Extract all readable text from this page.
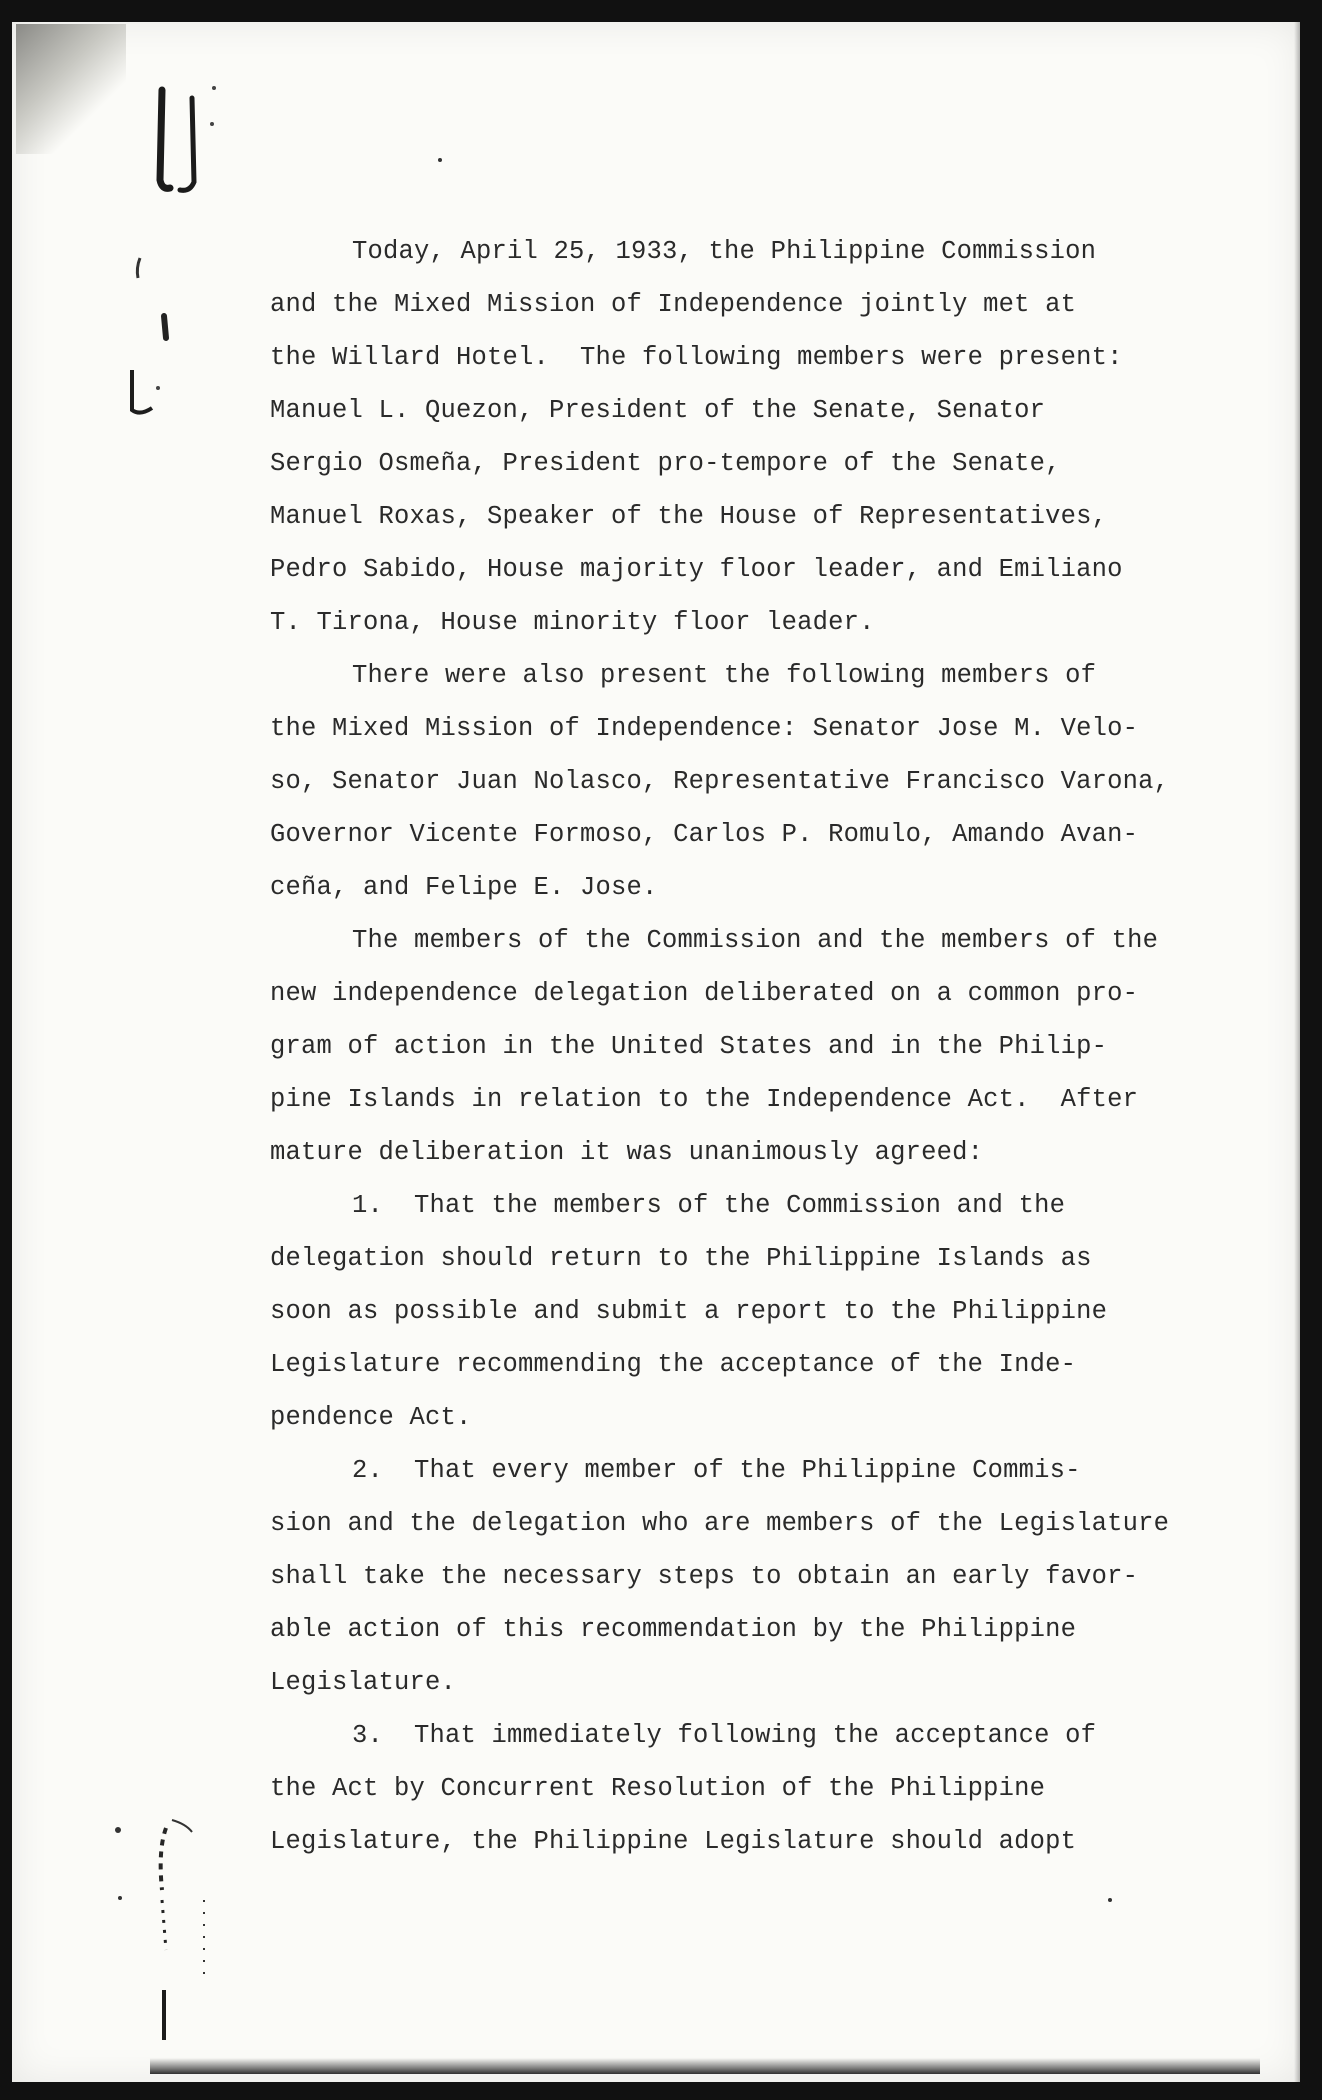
Today, April 25, 1933, the Philippine Commission
and the Mixed Mission of Independence jointly met at
the Willard Hotel.  The following members were present:
Manuel L. Quezon, President of the Senate, Senator
Sergio Osmeña, President pro-tempore of the Senate,
Manuel Roxas, Speaker of the House of Representatives,
Pedro Sabido, House majority floor leader, and Emiliano
T. Tirona, House minority floor leader.

There were also present the following members of
the Mixed Mission of Independence: Senator Jose M. Velo-
so, Senator Juan Nolasco, Representative Francisco Varona,
Governor Vicente Formoso, Carlos P. Romulo, Amando Avan-
ceña, and Felipe E. Jose.

The members of the Commission and the members of the
new independence delegation deliberated on a common pro-
gram of action in the United States and in the Philip-
pine Islands in relation to the Independence Act.  After
mature deliberation it was unanimously agreed:

1.  That the members of the Commission and the
delegation should return to the Philippine Islands as
soon as possible and submit a report to the Philippine
Legislature recommending the acceptance of the Inde-
pendence Act.

2.  That every member of the Philippine Commis-
sion and the delegation who are members of the Legislature
shall take the necessary steps to obtain an early favor-
able action of this recommendation by the Philippine
Legislature.

3.  That immediately following the acceptance of
the Act by Concurrent Resolution of the Philippine
Legislature, the Philippine Legislature should adopt
